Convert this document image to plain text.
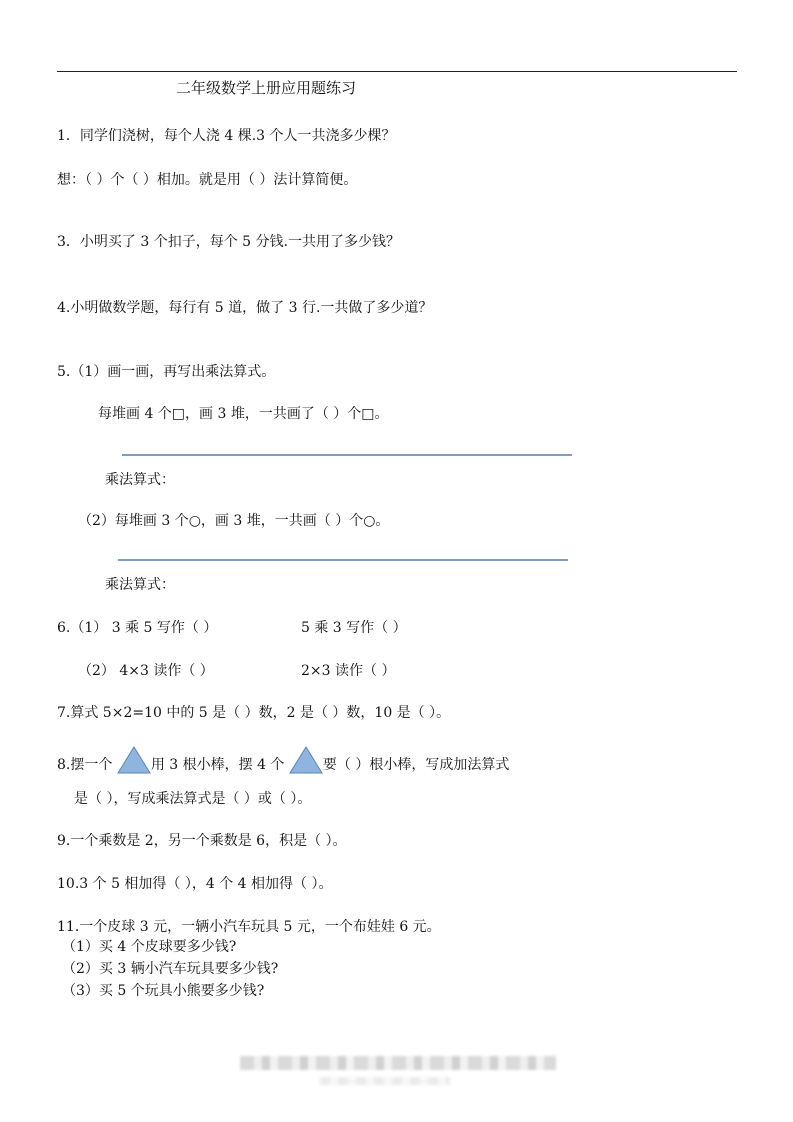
二年级数学上册应用题练习
1．同学们浇树，每个人浇 4 棵.3 个人一共浇多少棵？
想：（ ）个（ ）相加。就是用（ ）法计算简便。
3．小明买了 3 个扣子，每个 5 分钱.一共用了多少钱？
4.小明做数学题，每行有 5 道，做了 3 行.一共做了多少道？
5.（1）画一画，再写出乘法算式。
每堆画 4 个□，画 3 堆，一共画了（ ）个□。
乘法算式：
（2）每堆画 3 个○，画 3 堆，一共画（ ）个○。
乘法算式：
6.（1） 3 乘 5 写作（ ）	5 乘 3 写作（ ）
（2） 4×3 读作（ ）	2×3 读作（ ）
7.算式 5×2=10 中的 5 是（ ）数，2 是（ ）数，10 是（ ）。
8.摆一个	用 3 根小棒，摆 4 个	要（ ）根小棒，写成加法算式
是（ ），写成乘法算式是（ ）或（ ）。
9.一个乘数是 2，另一个乘数是 6，积是（ ）。
10.3 个 5 相加得（ ），4 个 4 相加得（ ）。
11.一个皮球 3 元，一辆小汽车玩具 5 元，一个布娃娃 6 元。
（1）买 4 个皮球要多少钱?
（2）买 3 辆小汽车玩具要多少钱?
（3）买 5 个玩具小熊要多少钱?
